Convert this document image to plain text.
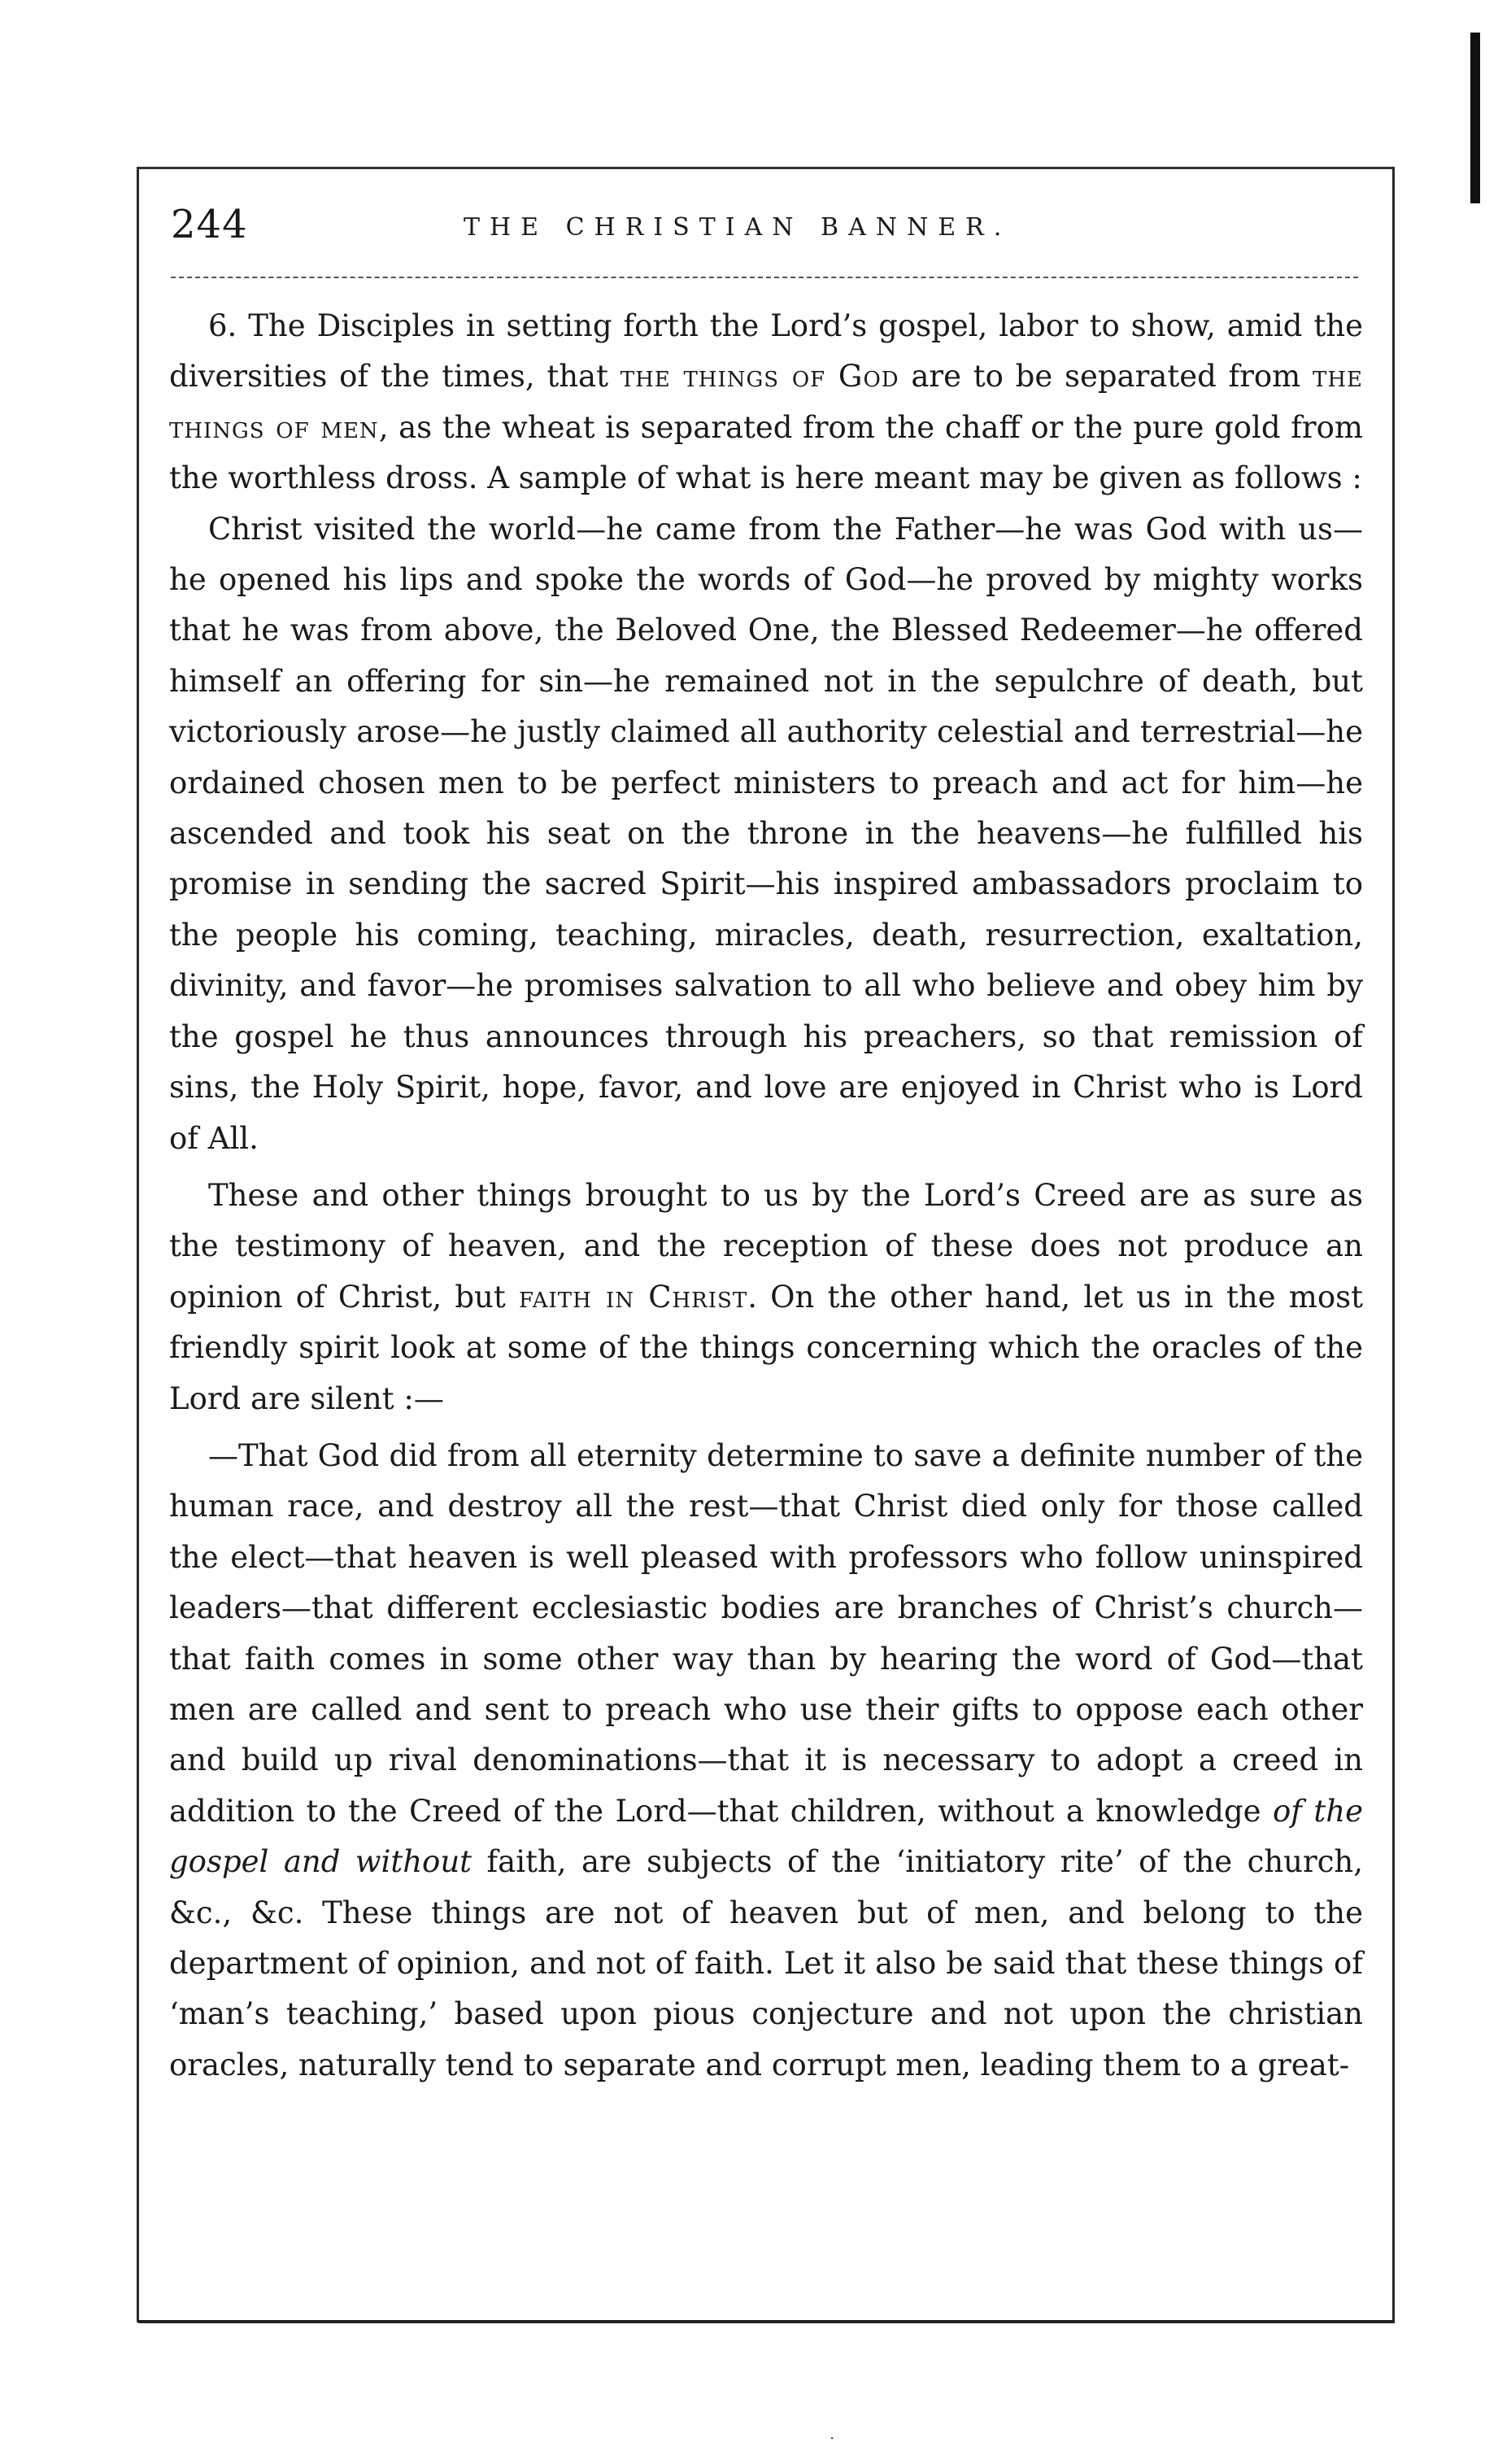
244	THE CHRISTIAN BANNER.

6. The Disciples in setting forth the Lord’s gospel, labor to show, amid the diversities of the times, that the things of God are to be separated from the things of men, as the wheat is separated from the chaff or the pure gold from the worthless dross. A sample of what is here meant may be given as follows :

Christ visited the world—he came from the Father—he was God with us—he opened his lips and spoke the words of God—he proved by mighty works that he was from above, the Beloved One, the Blessed Redeemer—he offered himself an offering for sin—he remained not in the sepulchre of death, but victoriously arose—he justly claimed all authority celestial and terrestrial—he ordained chosen men to be perfect ministers to preach and act for him—he ascended and took his seat on the throne in the heavens—he fulfilled his promise in sending the sacred Spirit—his inspired ambassadors proclaim to the people his coming, teaching, miracles, death, resurrection, exaltation, divinity, and favor—he promises salvation to all who believe and obey him by the gospel he thus announces through his preachers, so that remission of sins, the Holy Spirit, hope, favor, and love are enjoyed in Christ who is Lord of All.

These and other things brought to us by the Lord’s Creed are as sure as the testimony of heaven, and the reception of these does not produce an opinion of Christ, but faith in Christ. On the other hand, let us in the most friendly spirit look at some of the things concerning which the oracles of the Lord are silent :—

—That God did from all eternity determine to save a definite number of the human race, and destroy all the rest—that Christ died only for those called the elect—that heaven is well pleased with professors who follow uninspired leaders—that different ecclesiastic bodies are branches of Christ’s church—that faith comes in some other way than by hearing the word of God—that men are called and sent to preach who use their gifts to oppose each other and build up rival denominations—that it is necessary to adopt a creed in addition to the Creed of the Lord—that children, without a knowledge of the gospel and without faith, are subjects of the ‘initiatory rite’ of the church, &c., &c. These things are not of heaven but of men, and belong to the department of opinion, and not of faith. Let it also be said that these things of ‘man’s teaching,’ based upon pious conjecture and not upon the christian oracles, naturally tend to separate and corrupt men, leading them to a great-

·
